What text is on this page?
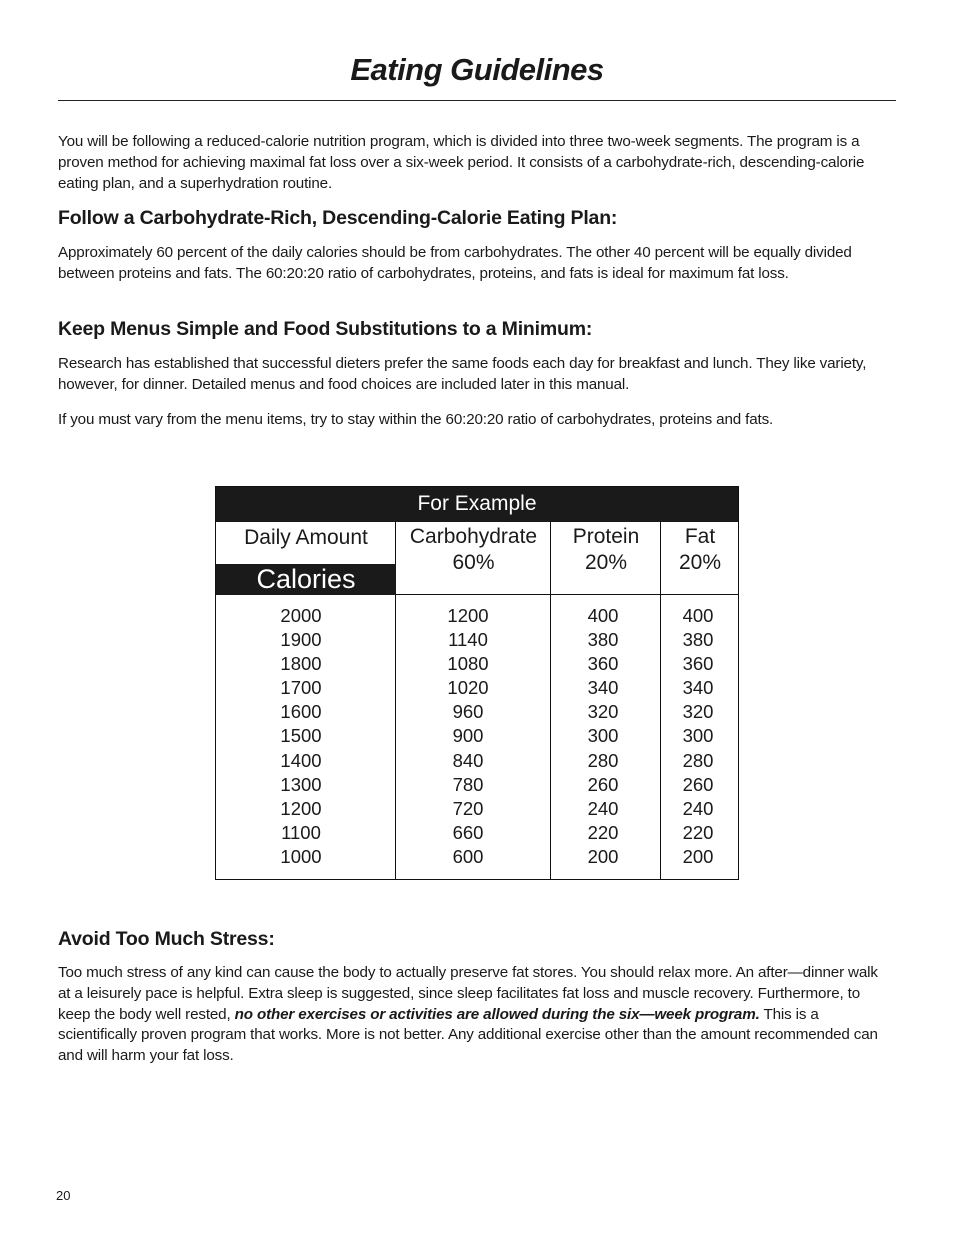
Eating Guidelines

You will be following a reduced-calorie nutrition program, which is divided into three two-week segments. The program is a proven method for achieving maximal fat loss over a six-week period. It consists of a carbohydrate-rich, descending-calorie eating plan, and a superhydration routine.

Follow a Carbohydrate-Rich, Descending-Calorie Eating Plan:

Approximately 60 percent of the daily calories should be from carbohydrates. The other 40 percent will be equally divided between proteins and fats. The 60:20:20 ratio of carbohydrates, proteins, and fats is ideal for maximum fat loss.

Keep Menus Simple and Food Substitutions to a Minimum:

Research has established that successful dieters prefer the same foods each day for breakfast and lunch. They like variety, however, for dinner. Detailed menus and food choices are included later in this manual.

If you must vary from the menu items, try to stay within the 60:20:20 ratio of carbohydrates, proteins and fats.

For Example
Daily Amount
Calories
Carbohydrate
60%
Protein
20%
Fat
20%
2000
1900
1800
1700
1600
1500
1400
1300
1200
1100
1000
1200
1140
1080
1020
960
900
840
780
720
660
600
400
380
360
340
320
300
280
260
240
220
200
400
380
360
340
320
300
280
260
240
220
200
Avoid Too Much Stress:

Too much stress of any kind can cause the body to actually preserve fat stores. You should relax more. An after—dinner walk at a leisurely pace is helpful. Extra sleep is suggested, since sleep facilitates fat loss and muscle recovery. Furthermore, to keep the body well rested, no other exercises or activities are allowed during the six—week program. This is a scientifically proven program that works. More is not better. Any additional exercise other than the amount recommended can and will harm your fat loss.

20
